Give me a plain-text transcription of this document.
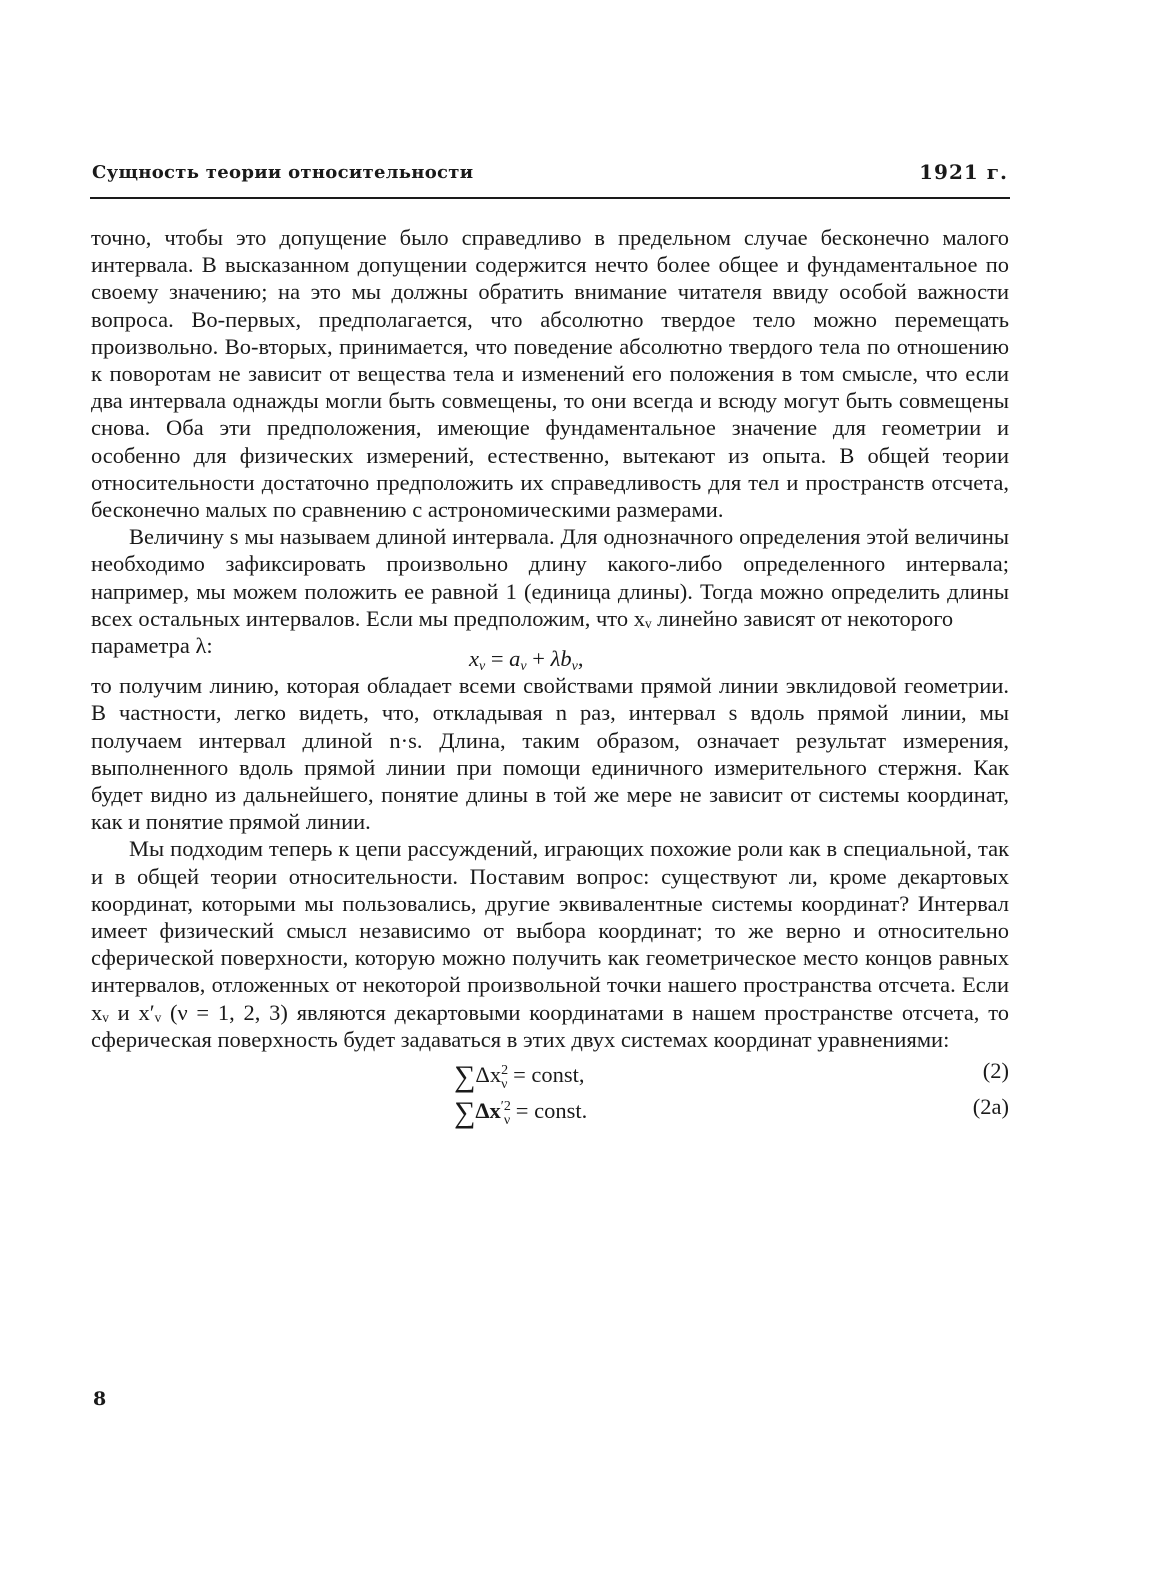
Сущность теории относительности	1921 г.

точно, чтобы это допущение было справедливо в предельном случае бесконечно малого интервала. В высказанном допущении содержится нечто более общее и фундаментальное по своему значению; на это мы должны обратить внимание читателя ввиду особой важности вопроса. Во-первых, предполагается, что абсолютно твердое тело можно перемещать произвольно. Во-вторых, принимается, что поведение абсолютно твердого тела по отношению к поворотам не зависит от вещества тела и изменений его положения в том смысле, что если два интервала однажды могли быть совмещены, то они всегда и всюду могут быть совмещены снова. Оба эти предположения, имеющие фундаментальное значение для геометрии и особенно для физических измерений, естественно, вытекают из опыта. В общей теории относительности достаточно предположить их справедливость для тел и пространств отсчета, бесконечно малых по сравнению с астрономическими размерами.

Величину s мы называем длиной интервала. Для однозначного определения этой величины необходимо зафиксировать произвольно длину какого-либо определенного интервала; например, мы можем положить ее равной 1 (единица длины). Тогда можно определить длины всех остальных интервалов. Если мы предположим, что xᵥ линейно зависят от некоторого

параметра λ:
$x_\nu = a_\nu + \lambda b_\nu$,

то получим линию, которая обладает всеми свойствами прямой линии эвклидовой геометрии. В частности, легко видеть, что, откладывая n раз, интервал s вдоль прямой линии, мы получаем интервал длиной n·s. Длина, таким образом, означает результат измерения, выполненного вдоль прямой линии при помощи единичного измерительного стержня. Как будет видно из дальнейшего, понятие длины в той же мере не зависит от системы координат, как и понятие прямой линии.

Мы подходим теперь к цепи рассуждений, играющих похожие роли как в специальной, так и в общей теории относительности. Поставим вопрос: существуют ли, кроме декартовых координат, которыми мы пользовались, другие эквивалентные системы координат? Интервал имеет физический смысл независимо от выбора координат; то же верно и относительно сферической поверхности, которую можно получить как геометрическое место концов равных интервалов, отложенных от некоторой произвольной точки нашего пространства отсчета. Если xᵥ и x′ᵥ (ν = 1, 2, 3) являются декартовыми координатами в нашем пространстве отсчета, то сферическая поверхность будет задаваться в этих двух системах координат уравнениями:

$\sum\Delta x^2_\nu$ = const,	(2)
$\sum\Delta x^{'2}_\nu$ = const.	(2a)
8
